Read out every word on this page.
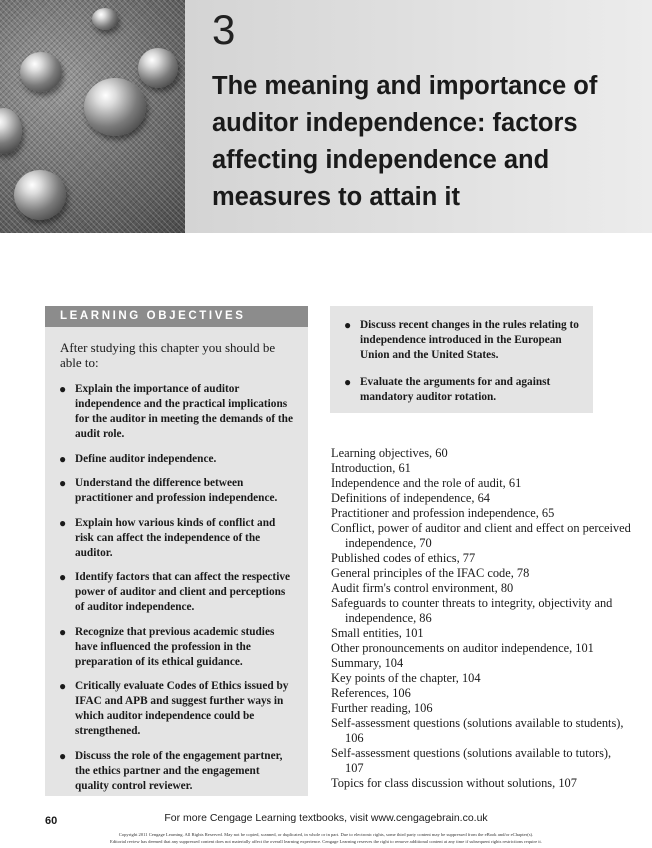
3
The meaning and importance of auditor independence: factors affecting independence and measures to attain it
LEARNING OBJECTIVES
After studying this chapter you should be able to:
● Explain the importance of auditor independence and the practical implications for the auditor in meeting the demands of the audit role.
● Define auditor independence.
● Understand the difference between practitioner and profession independence.
● Explain how various kinds of conflict and risk can affect the independence of the auditor.
● Identify factors that can affect the respective power of auditor and client and perceptions of auditor independence.
● Recognize that previous academic studies have influenced the profession in the preparation of its ethical guidance.
● Critically evaluate Codes of Ethics issued by IFAC and APB and suggest further ways in which auditor independence could be strengthened.
● Discuss the role of the engagement partner, the ethics partner and the engagement quality control reviewer.
● Discuss recent changes in the rules relating to independence introduced in the European Union and the United States.
● Evaluate the arguments for and against mandatory auditor rotation.
Learning objectives, 60
Introduction, 61
Independence and the role of audit, 61
Definitions of independence, 64
Practitioner and profession independence, 65
Conflict, power of auditor and client and effect on perceived independence, 70
Published codes of ethics, 77
General principles of the IFAC code, 78
Audit firm's control environment, 80
Safeguards to counter threats to integrity, objectivity and independence, 86
Small entities, 101
Other pronouncements on auditor independence, 101
Summary, 104
Key points of the chapter, 104
References, 106
Further reading, 106
Self-assessment questions (solutions available to students), 106
Self-assessment questions (solutions available to tutors), 107
Topics for class discussion without solutions, 107
60	For more Cengage Learning textbooks, visit www.cengagebrain.co.uk
Copyright 2011 Cengage Learning. All Rights Reserved. May not be copied, scanned, or duplicated, in whole or in part. Due to electronic rights, some third party content may be suppressed from the eBook and/or eChapter(s).
Editorial review has deemed that any suppressed content does not materially affect the overall learning experience. Cengage Learning reserves the right to remove additional content at any time if subsequent rights restrictions require it.
